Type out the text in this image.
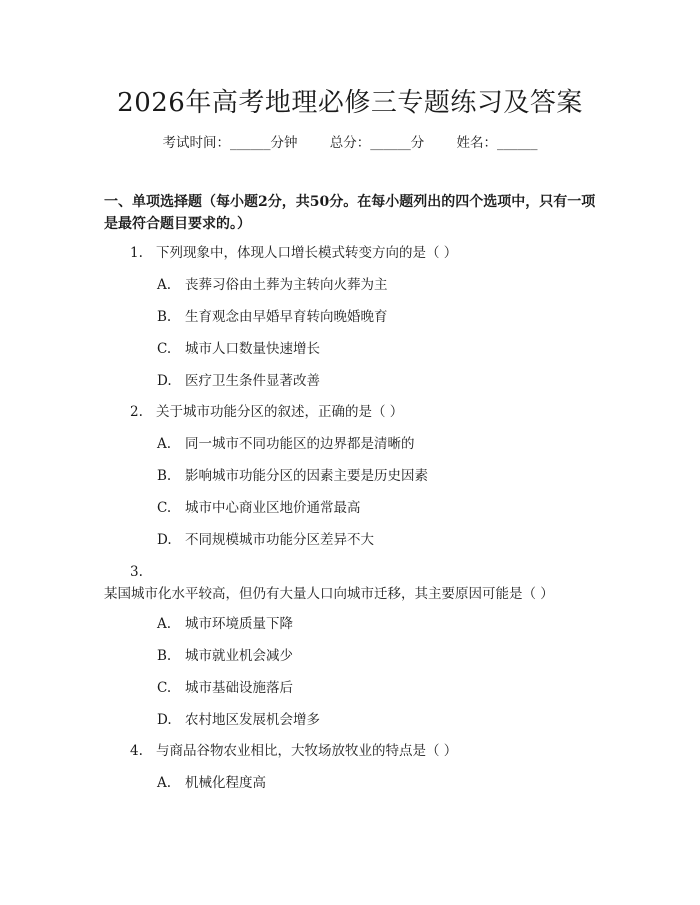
2026年高考地理必修三专题练习及答案
考试时间：______分钟 总分：______分 姓名：______
一、单项选择题（每小题2分，共50分。在每小题列出的四个选项中，只有一项是最符合题目要求的。）
1. 下列现象中，体现人口增长模式转变方向的是（ ）
A. 丧葬习俗由土葬为主转向火葬为主
B. 生育观念由早婚早育转向晚婚晚育
C. 城市人口数量快速增长
D. 医疗卫生条件显著改善
2. 关于城市功能分区的叙述，正确的是（ ）
A. 同一城市不同功能区的边界都是清晰的
B. 影响城市功能分区的因素主要是历史因素
C. 城市中心商业区地价通常最高
D. 不同规模城市功能分区差异不大
3.某国城市化水平较高，但仍有大量人口向城市迁移，其主要原因可能是（ ）
A. 城市环境质量下降
B. 城市就业机会减少
C. 城市基础设施落后
D. 农村地区发展机会增多
4. 与商品谷物农业相比，大牧场放牧业的特点是（ ）
A. 机械化程度高
